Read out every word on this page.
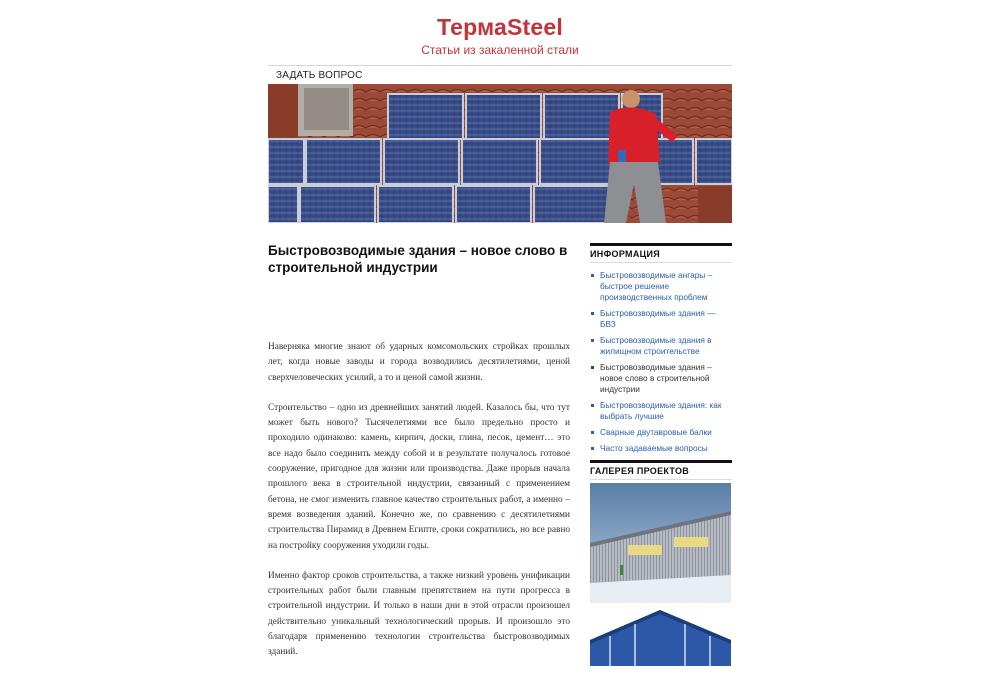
ТермаSteel
Статьи из закаленной стали
ЗАДАТЬ ВОПРОС
Быстровозводимые здания – новое слово в строительной индустрии

Наверняка многие знают об ударных комсомольских стройках прошлых лет, когда новые заводы и города возводились десятилетиями, ценой сверхчеловеческих усилий, а то и ценой самой жизни.

Строительство – одно из древнейших занятий людей. Казалось бы, что тут может быть нового? Тысячелетиями все было предельно просто и проходило одинаково: камень, кирпич, доски, глина, песок, цемент… это все надо было соединить между собой и в результате получалось готовое сооружение, пригодное для жизни или производства. Даже прорыв начала прошлого века в строительной индустрии, связанный с применением бетона, не смог изменить главное качество строительных работ, а именно – время возведения зданий. Конечно же, по сравнению с десятилетиями строительства Пирамид в Древнем Египте, сроки сократились, но все равно на постройку сооружения уходили годы.

Именно фактор сроков строительства, а также низкий уровень унификации строительных работ были главным препятствием на пути прогресса в строительной индустрии. И только в наши дни в этой отрасли произошел действительно уникальный технологический прорыв. И произошло это благодаря применению технологии строительства быстровозводимых зданий.

ИНФОРМАЦИЯ
Быстровозводимые ангары – быстрое решение производственных проблем
Быстровозводимые здания — БВЗ
Быстровозводимые здания в жилищном строительстве
Быстровозводимые здания – новое слово в строительной индустрии
Быстровозводимые здания: как выбрать лучшие
Сварные двутавровые балки
Часто задаваемые вопросы
ГАЛЕРЕЯ ПРОЕКТОВ
